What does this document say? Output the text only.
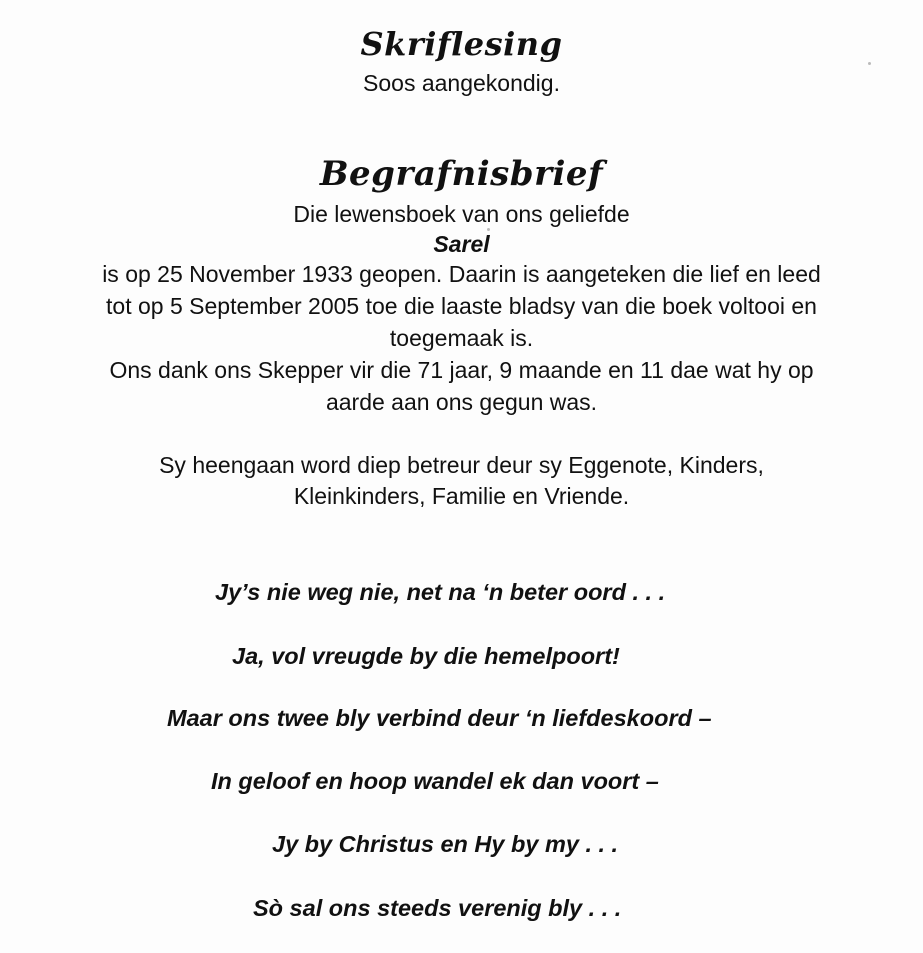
Skriflesing

Soos aangekondig.

Begrafnisbrief

Die lewensboek van ons geliefde

Sarel

is op 25 November 1933 geopen. Daarin is aangeteken die lief en leed

tot op 5 September 2005 toe die laaste bladsy van die boek voltooi en

toegemaak is.

Ons dank ons Skepper vir die 71 jaar, 9 maande en 11 dae wat hy op

aarde aan ons gegun was.

Sy heengaan word diep betreur deur sy Eggenote, Kinders,

Kleinkinders, Familie en Vriende.

Jy’s nie weg nie, net na ‘n beter oord . . .

Ja, vol vreugde by die hemelpoort!

Maar ons twee bly verbind deur ‘n liefdeskoord –

In geloof en hoop wandel ek dan voort –

Jy by Christus en Hy by my . . .

Sò sal ons steeds verenig bly . . .
